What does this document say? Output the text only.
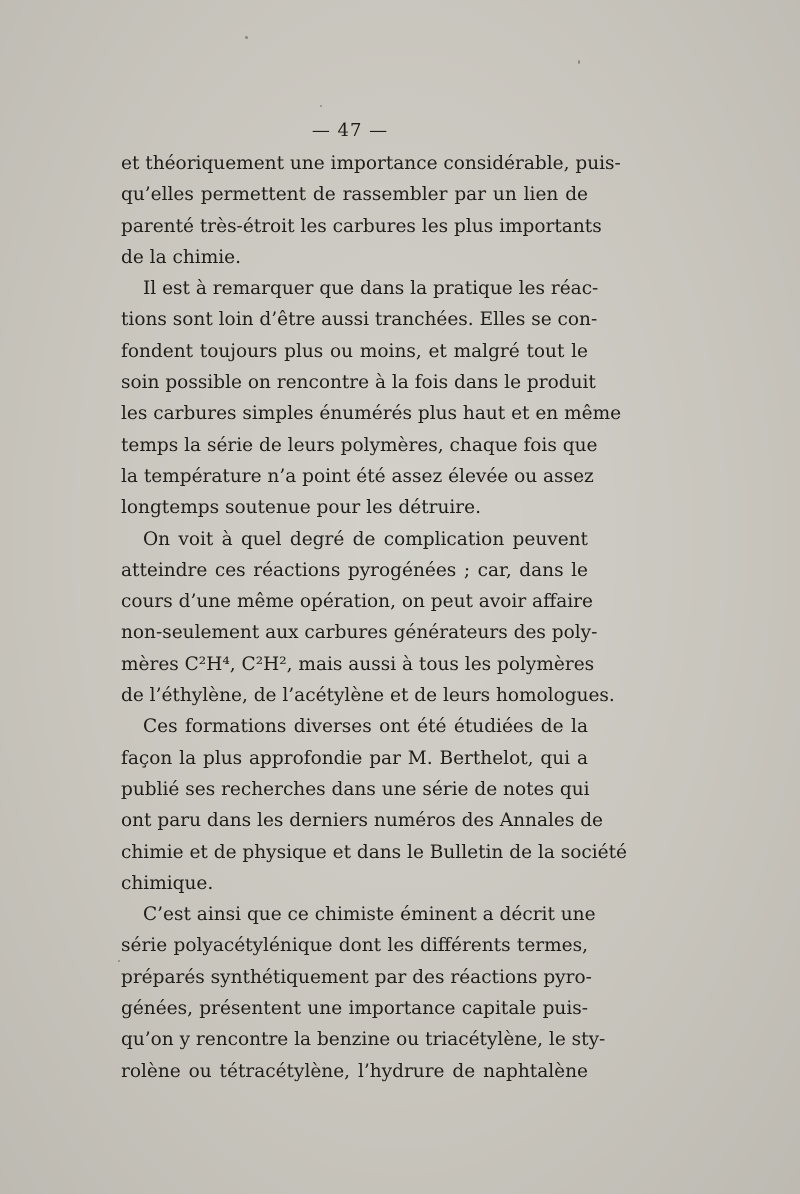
— 47 —
et théoriquement une importance considérable, puis-
qu’elles permettent de rassembler par un lien de
parenté très-étroit les carbures les plus importants
de la chimie.
Il est à remarquer que dans la pratique les réac-
tions sont loin d’être aussi tranchées. Elles se con-
fondent toujours plus ou moins, et malgré tout le
soin possible on rencontre à la fois dans le produit
les carbures simples énumérés plus haut et en même
temps la série de leurs polymères, chaque fois que
la température n’a point été assez élevée ou assez
longtemps soutenue pour les détruire.
On voit à quel degré de complication peuvent
atteindre ces réactions pyrogénées ; car, dans le
cours d’une même opération, on peut avoir affaire
non-seulement aux carbures générateurs des poly-
mères C²H⁴, C²H², mais aussi à tous les polymères
de l’éthylène, de l’acétylène et de leurs homologues.
Ces formations diverses ont été étudiées de la
façon la plus approfondie par M. Berthelot, qui a
publié ses recherches dans une série de notes qui
ont paru dans les derniers numéros des Annales de
chimie et de physique et dans le Bulletin de la société
chimique.
C’est ainsi que ce chimiste éminent a décrit une
série polyacétylénique dont les différents termes,
préparés synthétiquement par des réactions pyro-
génées, présentent une importance capitale puis-
qu’on y rencontre la benzine ou triacétylène, le sty-
rolène ou tétracétylène, l’hydrure de naphtalène
